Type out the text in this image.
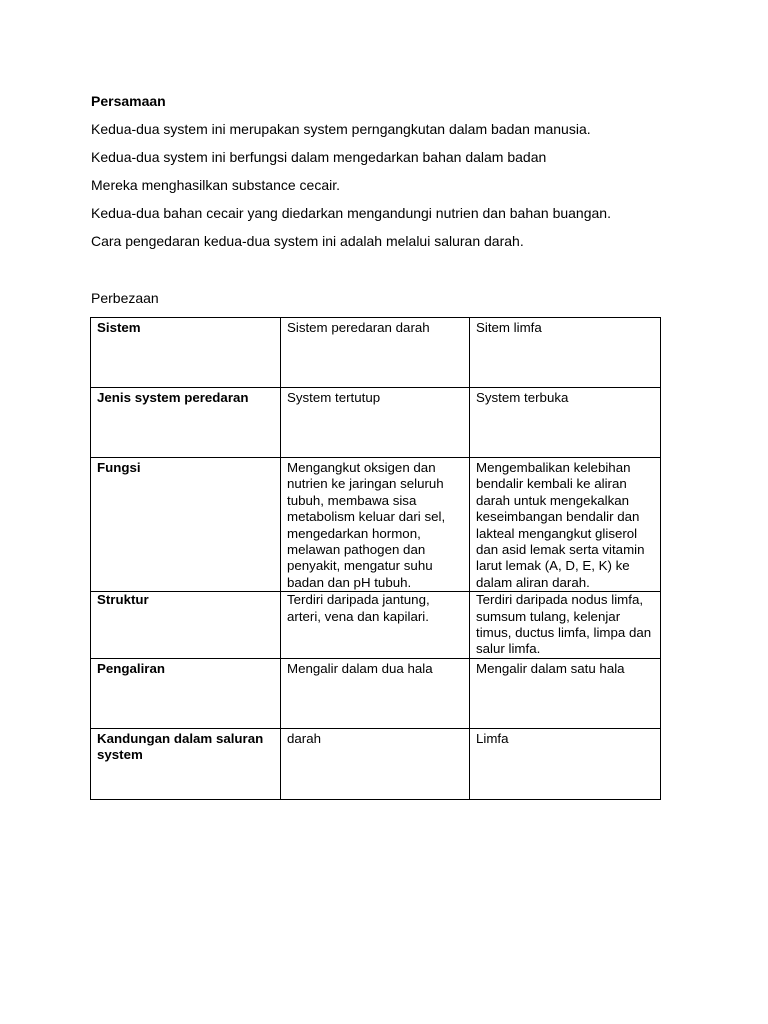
Persamaan

Kedua-dua system ini merupakan system perngangkutan dalam badan manusia.

Kedua-dua system ini berfungsi dalam mengedarkan bahan dalam badan

Mereka menghasilkan substance cecair.

Kedua-dua bahan cecair yang diedarkan mengandungi nutrien dan bahan buangan.

Cara pengedaran kedua-dua system ini adalah melalui saluran darah.

Perbezaan
Sistem	Sistem peredaran darah	Sitem limfa
Jenis system peredaran	System tertutup	System terbuka
Fungsi	Mengangkut oksigen dan nutrien ke jaringan seluruh tubuh, membawa sisa metabolism keluar dari sel, mengedarkan hormon, melawan pathogen dan penyakit, mengatur suhu badan dan pH tubuh.	Mengembalikan kelebihan bendalir kembali ke aliran darah untuk mengekalkan keseimbangan bendalir dan lakteal mengangkut gliserol dan asid lemak serta vitamin larut lemak (A, D, E, K) ke dalam aliran darah.
Struktur	Terdiri daripada jantung, arteri, vena dan kapilari.	Terdiri daripada nodus limfa, sumsum tulang, kelenjar timus, ductus limfa, limpa dan salur limfa.
Pengaliran	Mengalir dalam dua hala	Mengalir dalam satu hala
Kandungan dalam saluran system	darah	Limfa
